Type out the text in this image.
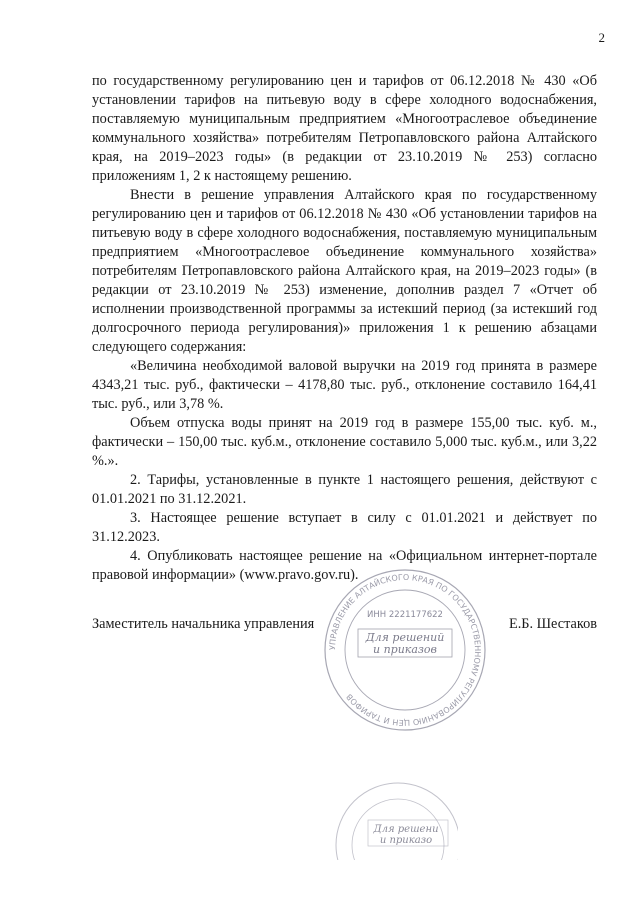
2

по государственному регулированию цен и тарифов от 06.12.2018 № 430 «Об установлении тарифов на питьевую воду в сфере холодного водоснабжения, поставляемую муниципальным предприятием «Многоотраслевое объединение коммунального хозяйства» потребителям Петропавловского района Алтайского края, на 2019–2023 годы» (в редакции от 23.10.2019 № 253) согласно приложениям 1, 2 к настоящему решению.

Внести в решение управления Алтайского края по государственному регулированию цен и тарифов от 06.12.2018 № 430 «Об установлении тарифов на питьевую воду в сфере холодного водоснабжения, поставляемую муниципальным предприятием «Многоотраслевое объединение коммунального хозяйства» потребителям Петропавловского района Алтайского края, на 2019–2023 годы» (в редакции от 23.10.2019 № 253) изменение, дополнив раздел 7 «Отчет об исполнении производственной программы за истекший период (за истекший год долгосрочного периода регулирования)» приложения 1 к решению абзацами следующего содержания:

«Величина необходимой валовой выручки на 2019 год принята в размере 4343,21 тыс. руб., фактически – 4178,80 тыс. руб., отклонение составило 164,41 тыс. руб., или 3,78 %.

Объем отпуска воды принят на 2019 год в размере 155,00 тыс. куб. м., фактически – 150,00 тыс. куб.м., отклонение составило 5,000 тыс. куб.м., или 3,22 %.».

2. Тарифы, установленные в пункте 1 настоящего решения, действуют с 01.01.2021 по 31.12.2021.

3. Настоящее решение вступает в силу с 01.01.2021 и действует по 31.12.2023.

4. Опубликовать настоящее решение на «Официальном интернет-портале правовой информации» (www.pravo.gov.ru).

Заместитель начальника управления	Е.Б. Шестаков
УПРАВЛЕНИЕ АЛТАЙСКОГО КРАЯ ПО ГОСУДАРСТВЕННОМУ РЕГУЛИРОВАНИЮ ЦЕН И ТАРИФОВ
ИНН 2221177622
Для решений
и приказов
Для решени
и приказо
